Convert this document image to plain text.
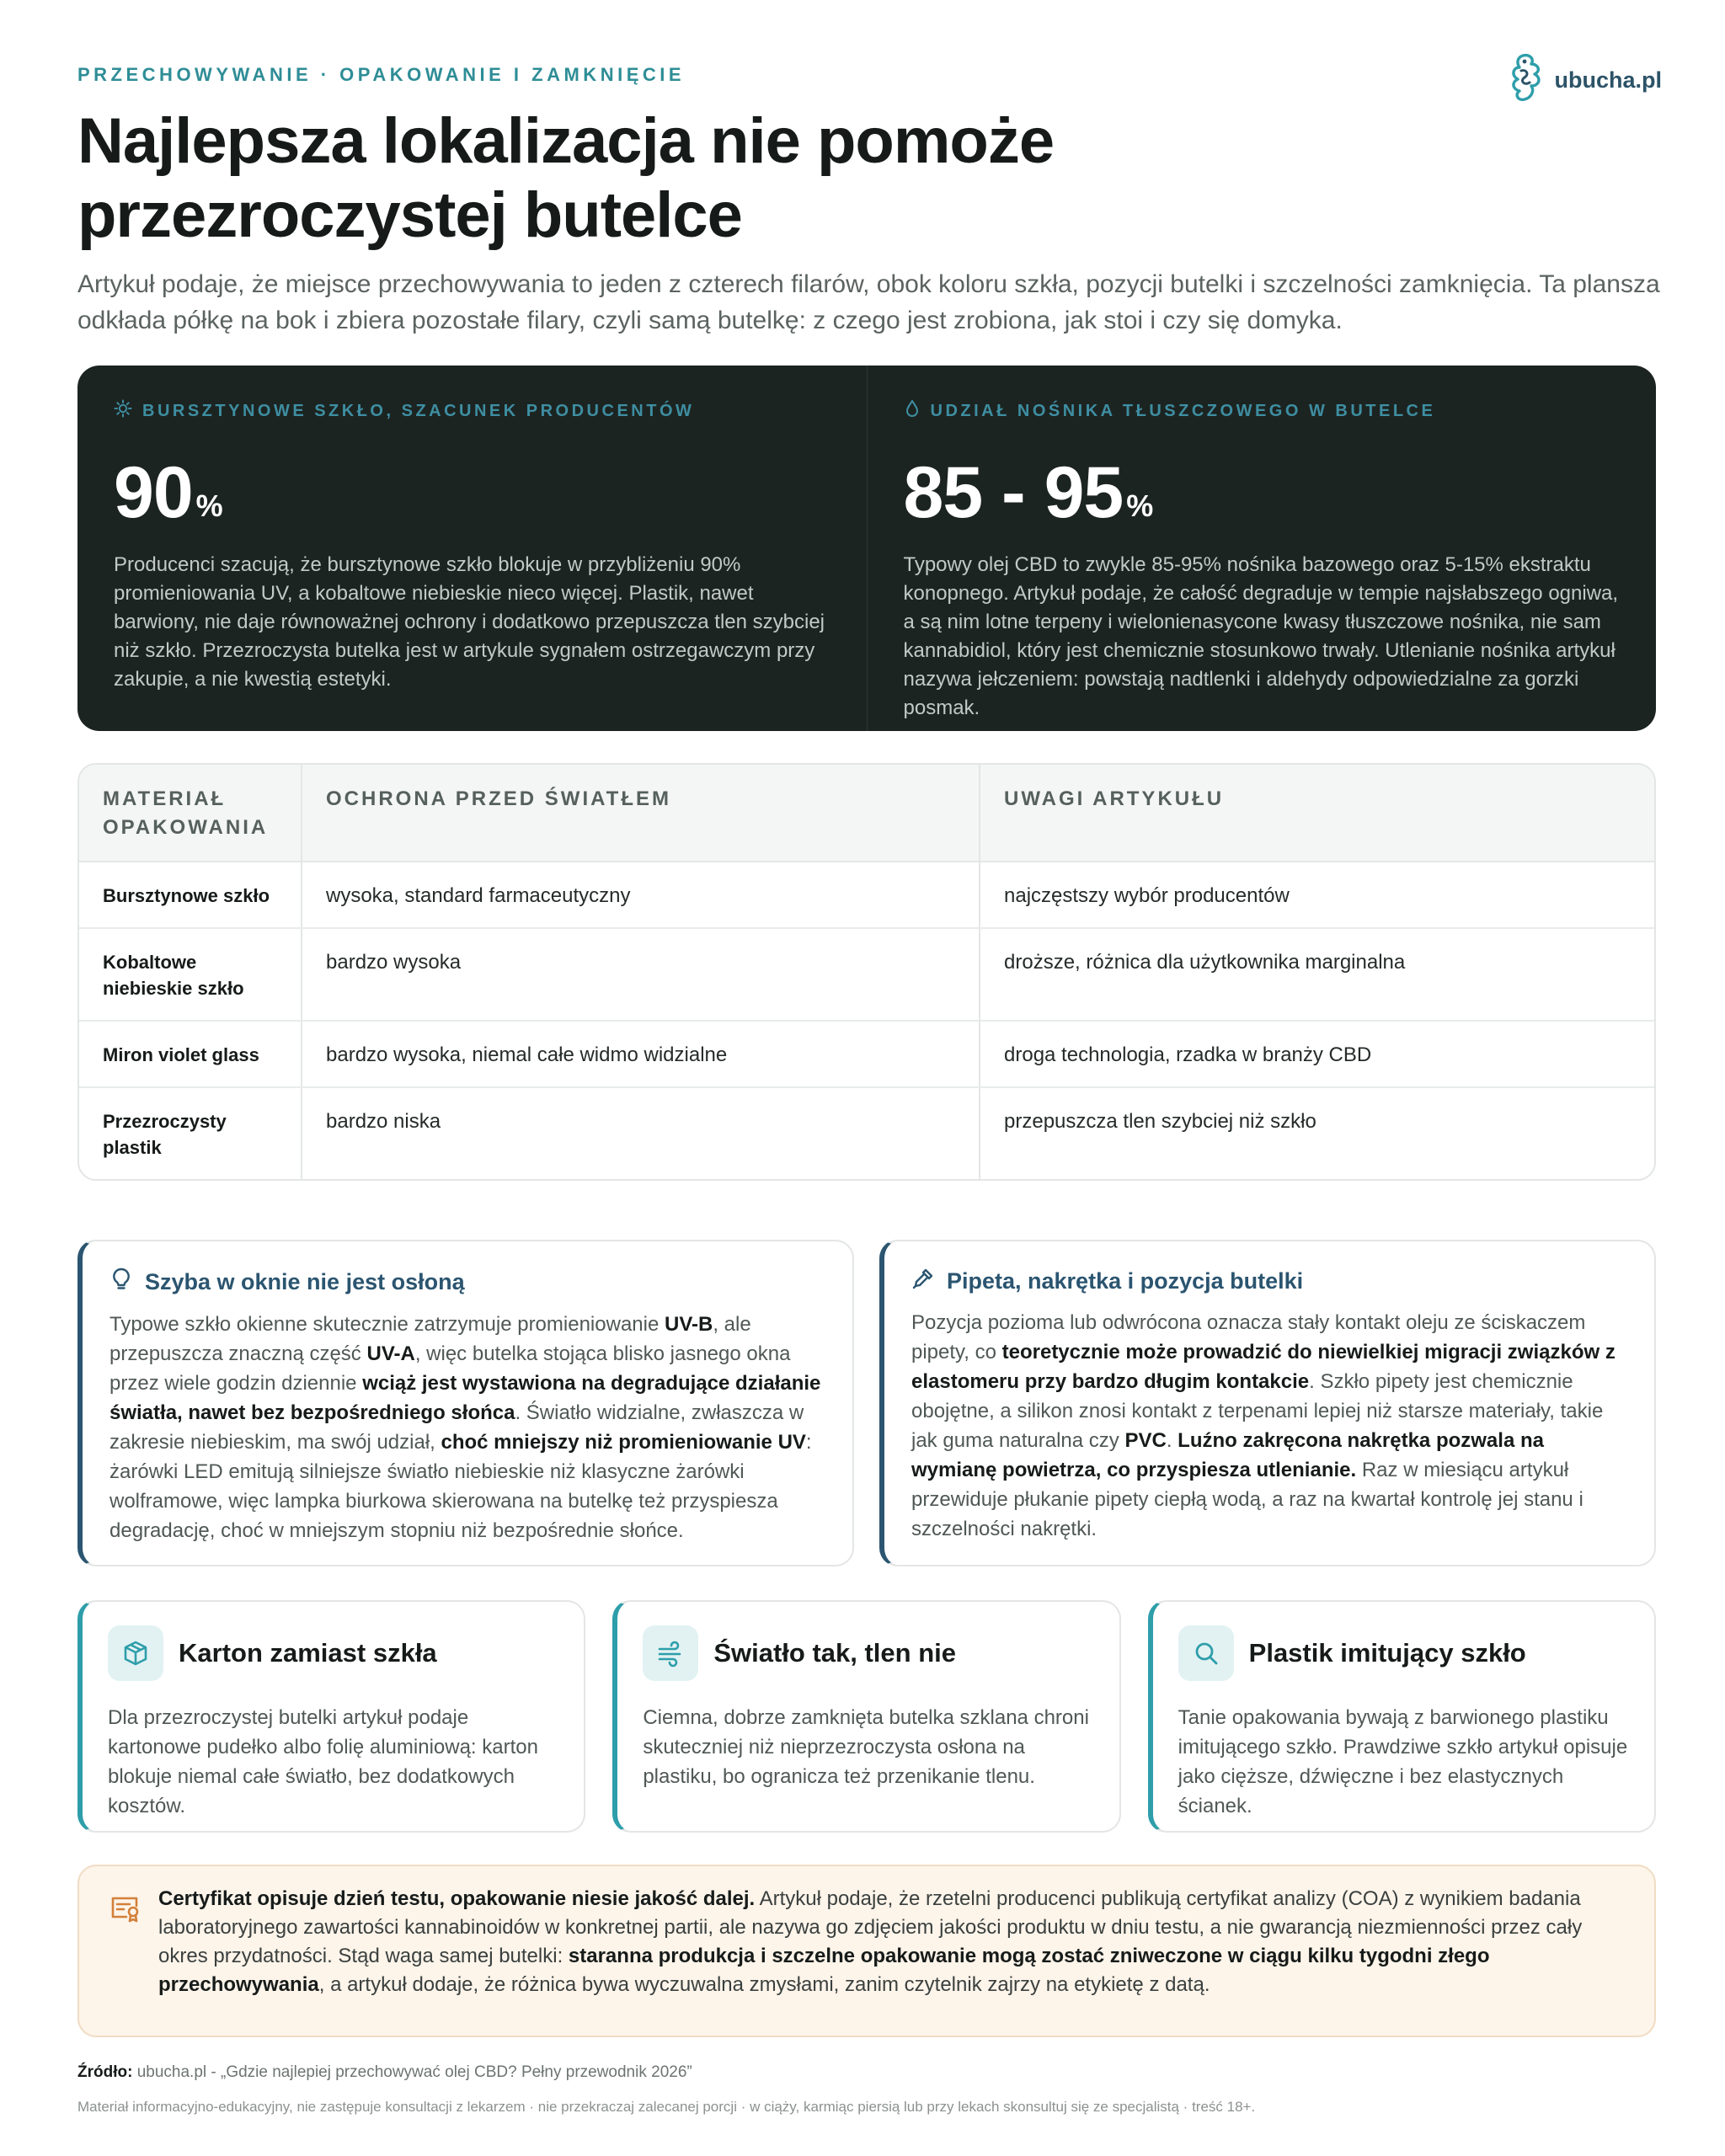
PRZECHOWYWANIE · OPAKOWANIE I ZAMKNIĘCIE
Najlepsza lokalizacja nie pomoże
przezroczystej butelce

Artykuł podaje, że miejsce przechowywania to jeden z czterech filarów, obok koloru szkła, pozycji butelki i szczelności zamknięcia. Ta plansza odkłada półkę na bok i zbiera pozostałe filary, czyli samą butelkę: z czego jest zrobiona, jak stoi i czy się domyka.

ubucha.pl
BURSZTYNOWE SZKŁO, SZACUNEK PRODUCENTÓW
90 %

Producenci szacują, że bursztynowe szkło blokuje w przybliżeniu 90% promieniowania UV, a kobaltowe niebieskie nieco więcej. Plastik, nawet barwiony, nie daje równoważnej ochrony i dodatkowo przepuszcza tlen szybciej niż szkło. Przezroczysta butelka jest w artykule sygnałem ostrzegawczym przy zakupie, a nie kwestią estetyki.

UDZIAŁ NOŚNIKA TŁUSZCZOWEGO W BUTELCE
85 - 95 %

Typowy olej CBD to zwykle 85-95% nośnika bazowego oraz 5-15% ekstraktu konopnego. Artykuł podaje, że całość degraduje w tempie najsłabszego ogniwa, a są nim lotne terpeny i wielonienasycone kwasy tłuszczowe nośnika, nie sam kannabidiol, który jest chemicznie stosunkowo trwały. Utlenianie nośnika artykuł nazywa jełczeniem: powstają nadtlenki i aldehydy odpowiedzialne za gorzki posmak.

MATERIAŁ OPAKOWANIA	OCHRONA PRZED ŚWIATŁEM	UWAGI ARTYKUŁU
Bursztynowe szkło	wysoka, standard farmaceutyczny	najczęstszy wybór producentów
Kobaltowe niebieskie szkło	bardzo wysoka	droższe, różnica dla użytkownika marginalna
Miron violet glass	bardzo wysoka, niemal całe widmo widzialne	droga technologia, rzadka w branży CBD
Przezroczysty plastik	bardzo niska	przepuszcza tlen szybciej niż szkło
Szyba w oknie nie jest osłoną

Typowe szkło okienne skutecznie zatrzymuje promieniowanie UV-B, ale przepuszcza znaczną część UV-A, więc butelka stojąca blisko jasnego okna przez wiele godzin dziennie wciąż jest wystawiona na degradujące działanie światła, nawet bez bezpośredniego słońca. Światło widzialne, zwłaszcza w zakresie niebieskim, ma swój udział, choć mniejszy niż promieniowanie UV: żarówki LED emitują silniejsze światło niebieskie niż klasyczne żarówki wolframowe, więc lampka biurkowa skierowana na butelkę też przyspiesza degradację, choć w mniejszym stopniu niż bezpośrednie słońce.

Pipeta, nakrętka i pozycja butelki

Pozycja pozioma lub odwrócona oznacza stały kontakt oleju ze ściskaczem pipety, co teoretycznie może prowadzić do niewielkiej migracji związków z elastomeru przy bardzo długim kontakcie. Szkło pipety jest chemicznie obojętne, a silikon znosi kontakt z terpenami lepiej niż starsze materiały, takie jak guma naturalna czy PVC. Luźno zakręcona nakrętka pozwala na wymianę powietrza, co przyspiesza utlenianie. Raz w miesiącu artykuł przewiduje płukanie pipety ciepłą wodą, a raz na kwartał kontrolę jej stanu i szczelności nakrętki.

Karton zamiast szkła

Dla przezroczystej butelki artykuł podaje kartonowe pudełko albo folię aluminiową: karton blokuje niemal całe światło, bez dodatkowych kosztów.

Światło tak, tlen nie

Ciemna, dobrze zamknięta butelka szklana chroni skuteczniej niż nieprzezroczysta osłona na plastiku, bo ogranicza też przenikanie tlenu.

Plastik imitujący szkło

Tanie opakowania bywają z barwionego plastiku imitującego szkło. Prawdziwe szkło artykuł opisuje jako cięższe, dźwięczne i bez elastycznych ścianek.

Certyfikat opisuje dzień testu, opakowanie niesie jakość dalej. Artykuł podaje, że rzetelni producenci publikują certyfikat analizy (COA) z wynikiem badania laboratoryjnego zawartości kannabinoidów w konkretnej partii, ale nazywa go zdjęciem jakości produktu w dniu testu, a nie gwarancją niezmienności przez cały okres przydatności. Stąd waga samej butelki: staranna produkcja i szczelne opakowanie mogą zostać zniweczone w ciągu kilku tygodni złego przechowywania, a artykuł dodaje, że różnica bywa wyczuwalna zmysłami, zanim czytelnik zajrzy na etykietę z datą.

Źródło: ubucha.pl - „Gdzie najlepiej przechowywać olej CBD? Pełny przewodnik 2026”

Materiał informacyjno-edukacyjny, nie zastępuje konsultacji z lekarzem · nie przekraczaj zalecanej porcji · w ciąży, karmiąc piersią lub przy lekach skonsultuj się ze specjalistą · treść 18+.
